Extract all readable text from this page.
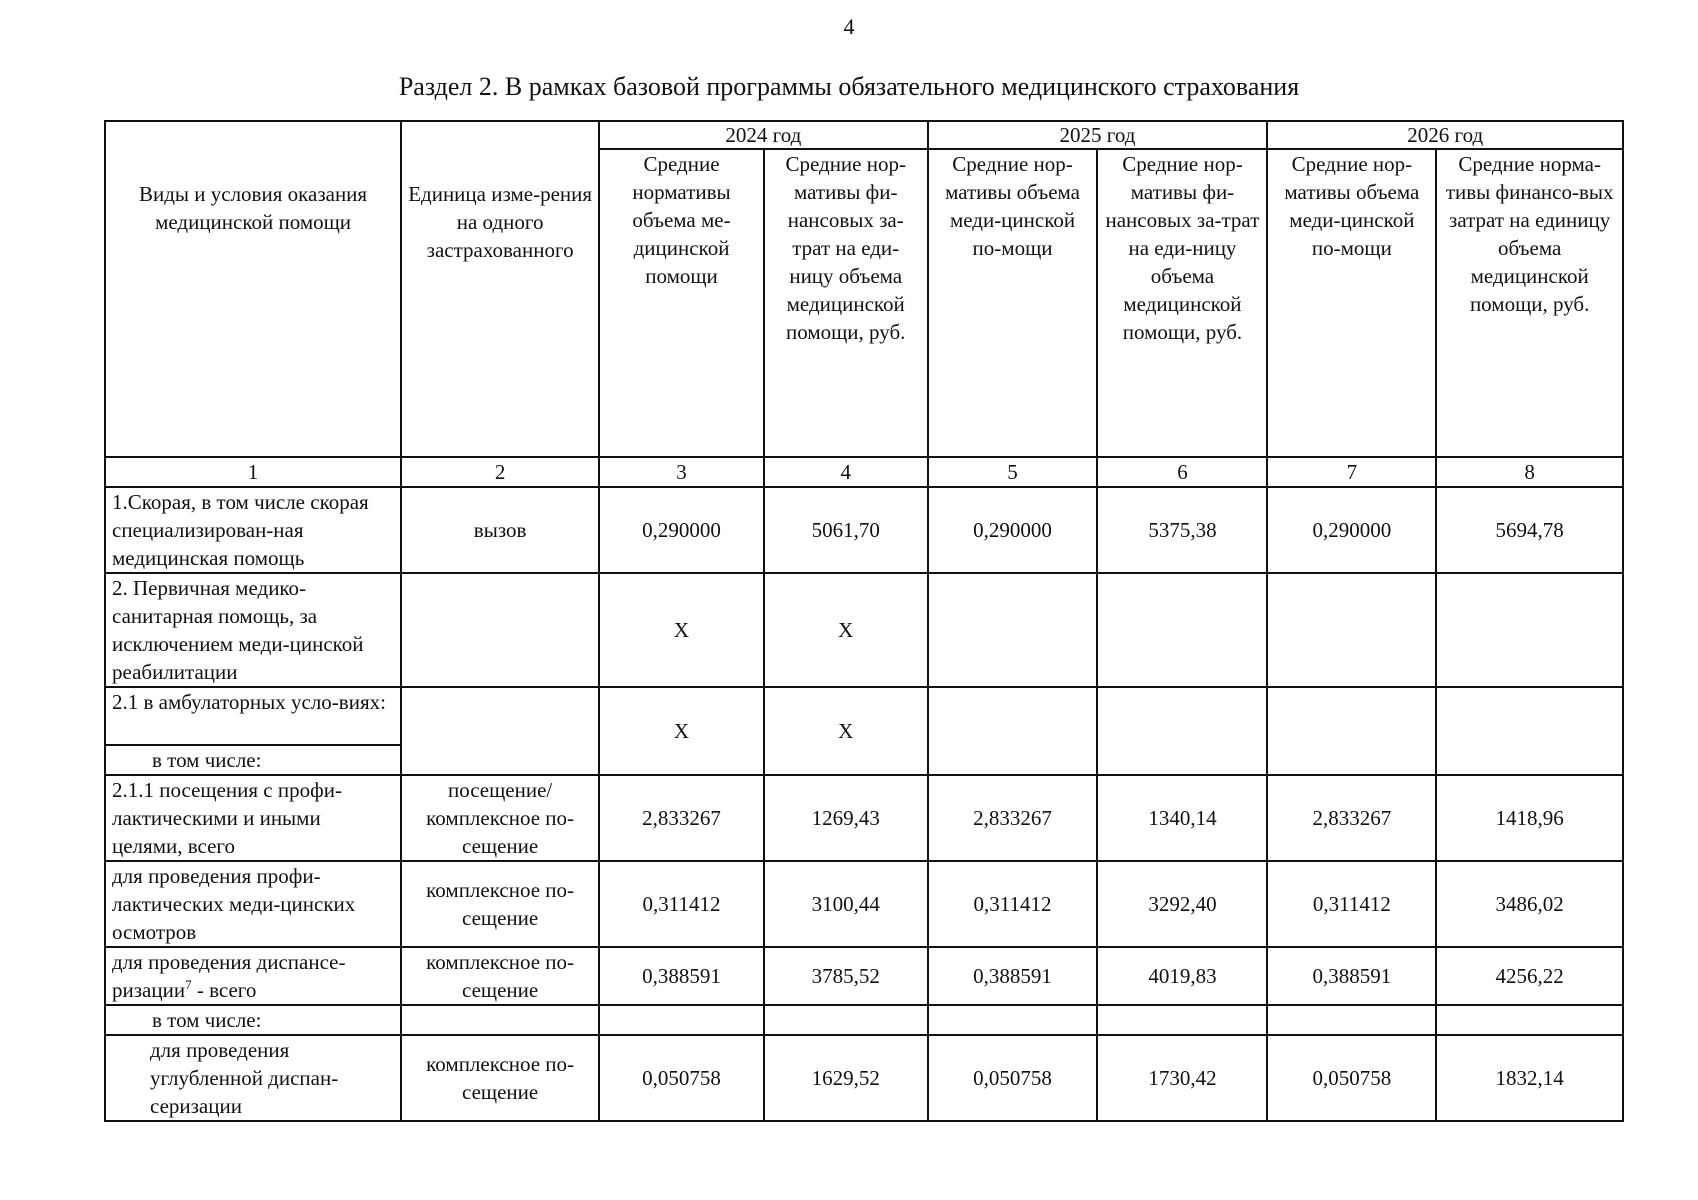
4
Раздел 2. В рамках базовой программы обязательного медицинского страхования
Виды и условия оказания медицинской помощи	Единица изме-рения на одного застрахованного	2024 год		2025 год		2026 год	
		Средние нормативы объема ме-дицинской помощи	Средние нор-мативы фи-нансовых за-трат на еди-ницу объема медицинской помощи, руб.	Средние нор-мативы объема меди-цинской по-мощи	Средние нор-мативы фи-нансовых за-трат на еди-ницу объема медицинской помощи, руб.	Средние нор-мативы объема меди-цинской по-мощи	Средние норма-тивы финансо-вых затрат на единицу объема медицинской помощи, руб.
1	2	3	4	5	6	7	8
1.Скорая, в том числе скорая специализирован-ная медицинская помощь	вызов	0,290000	5061,70	0,290000	5375,38	0,290000	5694,78
2. Первичная медико-санитарная помощь, за исключением меди-цинской реабилитации		Х	Х				
2.1 в амбулаторных усло-виях:		Х	Х				
в том числе:							
2.1.1 посещения с профи-лактическими и иными целями, всего	посещение/ комплексное по-сещение	2,833267	1269,43	2,833267	1340,14	2,833267	1418,96
для проведения профи-лактических меди-цинских осмотров	комплексное по-сещение	0,311412	3100,44	0,311412	3292,40	0,311412	3486,02
для проведения диспансе-ризации$^7$ - всего	комплексное по-сещение	0,388591	3785,52	0,388591	4019,83	0,388591	4256,22
в том числе:							
для проведения углубленной диспан-серизации	комплексное по-сещение	0,050758	1629,52	0,050758	1730,42	0,050758	1832,14
